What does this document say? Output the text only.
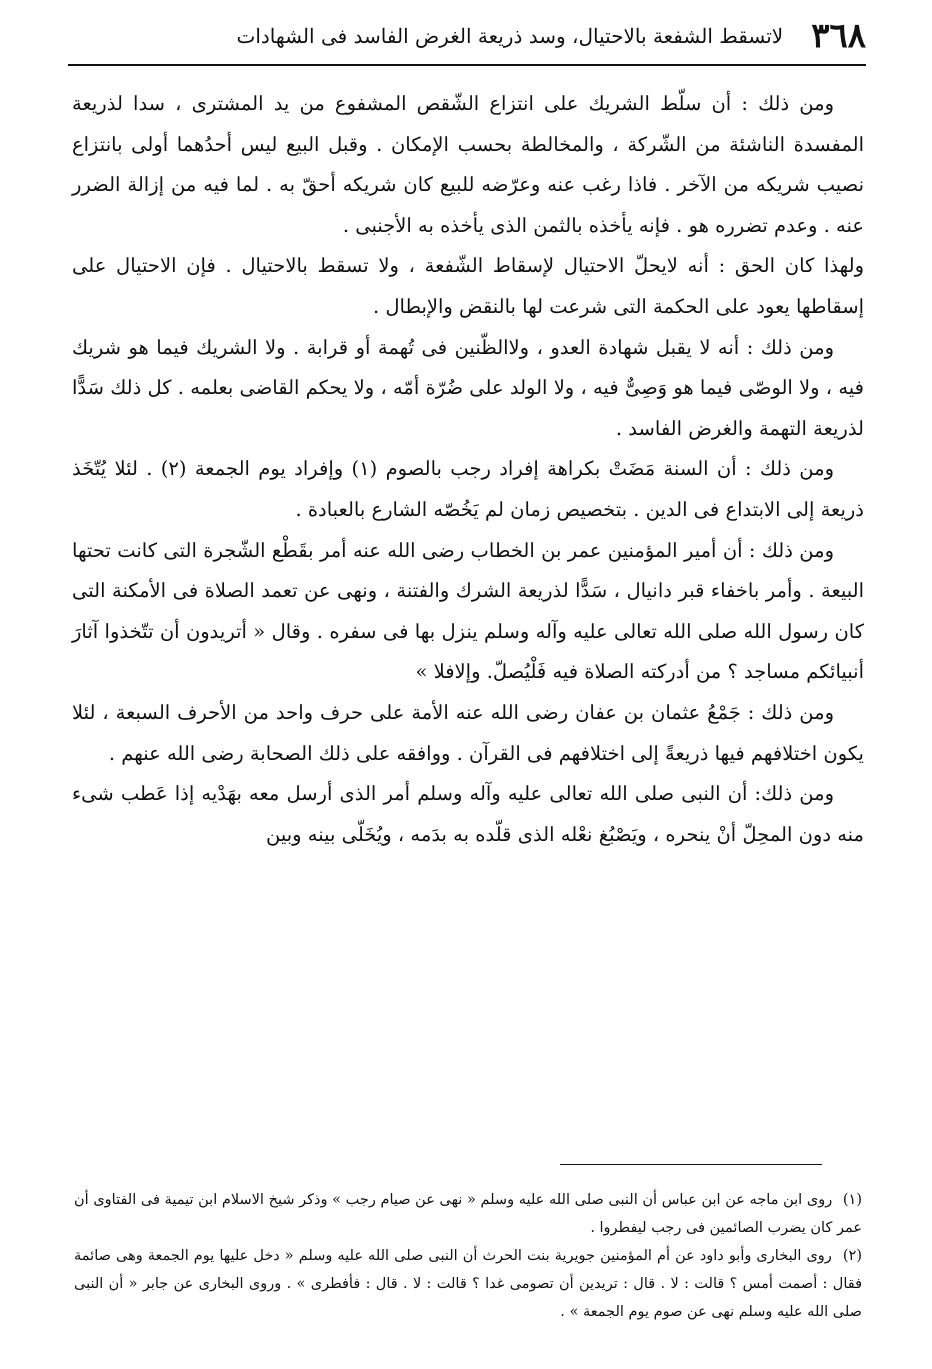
٣٦٨
لاتسقط الشفعة بالاحتيال، وسد ذريعة الغرض الفاسد فى الشهادات

ومن ذلك : أن سلّط الشريك على انتزاع الشّقص المشفوع من يد المشترى ، سدا لذريعة المفسدة الناشئة من الشّركة ، والمخالطة بحسب الإمكان . وقبل البيع ليس أحدُهما أولى بانتزاع نصيب شريكه من الآخر . فاذا رغب عنه وعرّضه للبيع كان شريكه أحقّ به . لما فيه من إزالة الضرر عنه . وعدم تضرره هو . فإنه يأخذه بالثمن الذى يأخذه به الأجنبى .

ولهذا كان الحق : أنه لايحلّ الاحتيال لإسقاط الشّفعة ، ولا تسقط بالاحتيال . فإن الاحتيال على إسقاطها يعود على الحكمة التى شرعت لها بالنقض والإبطال .

ومن ذلك : أنه لا يقبل شهادة العدو ، ولاالظّنين فى تُهمة أو قرابة . ولا الشريك فيما هو شريك فيه ، ولا الوصّى فيما هو وَصِىٌّ فيه ، ولا الولد على ضُرّة أمّه ، ولا يحكم القاضى بعلمه . كل ذلك سَدًّا لذريعة التهمة والغرض الفاسد .

ومن ذلك : أن السنة مَضَتْ بكراهة إفراد رجب بالصوم (١) وإفراد يوم الجمعة (٢) . لئلا يُتّخَذ ذريعة إلى الابتداع فى الدين . بتخصيص زمان لم يَخُصّه الشارع بالعبادة .

ومن ذلك : أن أمير المؤمنين عمر بن الخطاب رضى الله عنه أمر بقَطْع الشّجرة التى كانت تحتها البيعة . وأمر باخفاء قبر دانيال ، سَدًّا لذريعة الشرك والفتنة ، ونهى عن تعمد الصلاة فى الأمكنة التى كان رسول الله صلى الله تعالى عليه وآله وسلم ينزل بها فى سفره . وقال « أتريدون أن تتّخذوا آثارَ أنبيائكم مساجد ؟ من أدركته الصلاة فيه فَلْيُصلّ. وإلافلا »

ومن ذلك : جَمْعُ عثمان بن عفان رضى الله عنه الأمة على حرف واحد من الأحرف السبعة ، لئلا يكون اختلافهم فيها ذريعةً إلى اختلافهم فى القرآن . ووافقه على ذلك الصحابة رضى الله عنهم .

ومن ذلك: أن النبى صلى الله تعالى عليه وآله وسلم أمر الذى أرسل معه بهَدْيه إذا عَطب شىء منه دون المحِلّ أنْ ينحره ، ويَصْبُغ نعْله الذى قلّده به بدَمه ، ويُخَلّى بينه وبين

(١) روى ابن ماجه عن ابن عباس أن النبى صلى الله عليه وسلم « نهى عن صيام رجب » وذكر شيخ الاسلام ابن تيمية فى الفتاوى أن عمر كان يضرب الصائمين فى رجب ليفطروا .

(٢) روى البخارى وأبو داود عن أم المؤمنين جويرية بنت الحرث أن النبى صلى الله عليه وسلم « دخل عليها يوم الجمعة وهى صائمة فقال : أصمت أمس ؟ قالت : لا . قال : تريدين أن تصومى غدا ؟ قالت : لا . قال : فأفطرى » . وروى البخارى عن جابر « أن النبى صلى الله عليه وسلم نهى عن صوم يوم الجمعة » .
